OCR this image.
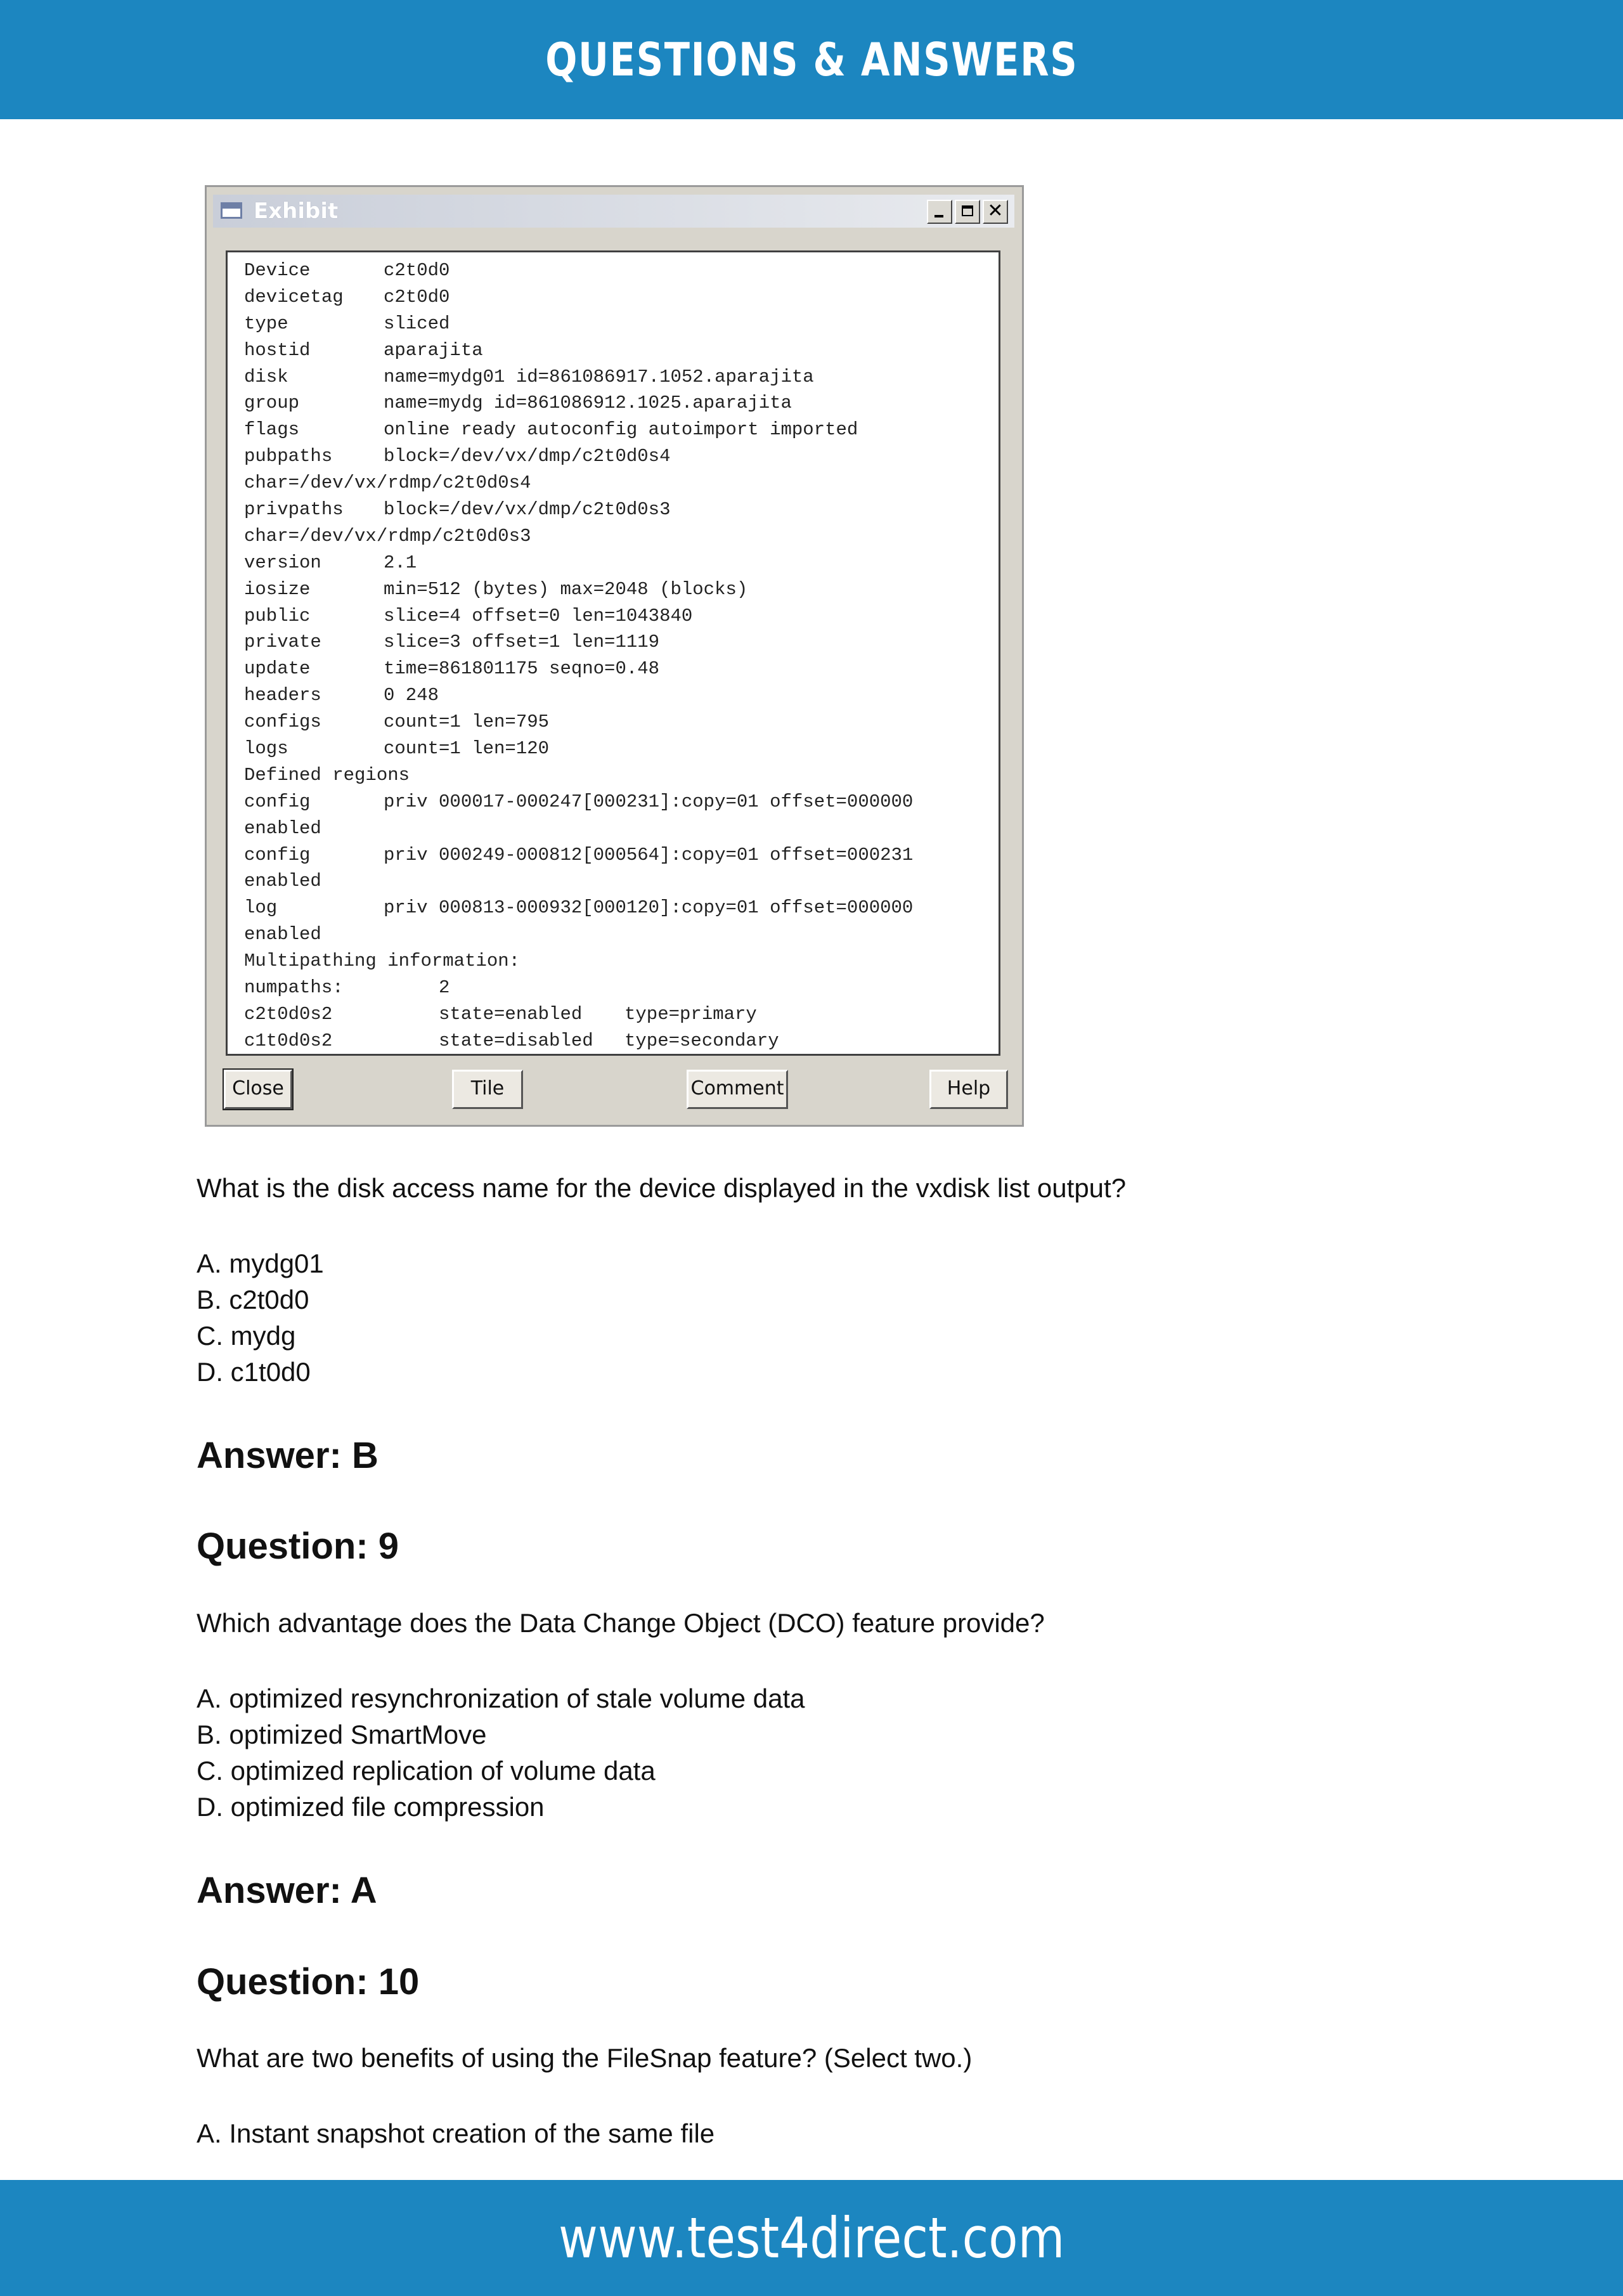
QUESTIONS & ANSWERS
Exhibit	✕
Device	c2t0d0
devicetag c2t0d0
type	sliced
hostid	aparajita
disk	name=mydg01 id=861086917.1052.aparajita
group	name=mydg id=861086912.1025.aparajita
flags	online ready autoconfig autoimport imported
pubpaths	block=/dev/vx/dmp/c2t0d0s4
char=/dev/vx/rdmp/c2t0d0s4
privpaths block=/dev/vx/dmp/c2t0d0s3
char=/dev/vx/rdmp/c2t0d0s3
version	2.1
iosize	min=512 (bytes) max=2048 (blocks)
public	slice=4 offset=0 len=1043840
private	slice=3 offset=1 len=1119
update	time=861801175 seqno=0.48
headers	0 248
configs	count=1 len=795
logs	count=1 len=120
Defined regions
config	priv 000017-000247[000231]:copy=01 offset=000000
enabled
config	priv 000249-000812[000564]:copy=01 offset=000231
enabled
log	priv 000813-000932[000120]:copy=01 offset=000000
enabled
Multipathing information:
numpaths:     2
c2t0d0s2	state=enabled type=primary
c1t0d0s2	state=disabled type=secondary
Close	Tile	Comment	Help
What is the disk access name for the device displayed in the vxdisk list output?
A. mydg01
B. c2t0d0
C. mydg
D. c1t0d0
Answer: B
Question: 9
Which advantage does the Data Change Object (DCO) feature provide?
A. optimized resynchronization of stale volume data
B. optimized SmartMove
C. optimized replication of volume data
D. optimized file compression
Answer: A
Question: 10
What are two benefits of using the FileSnap feature? (Select two.)
A. Instant snapshot creation of the same file
www.test4direct.com
